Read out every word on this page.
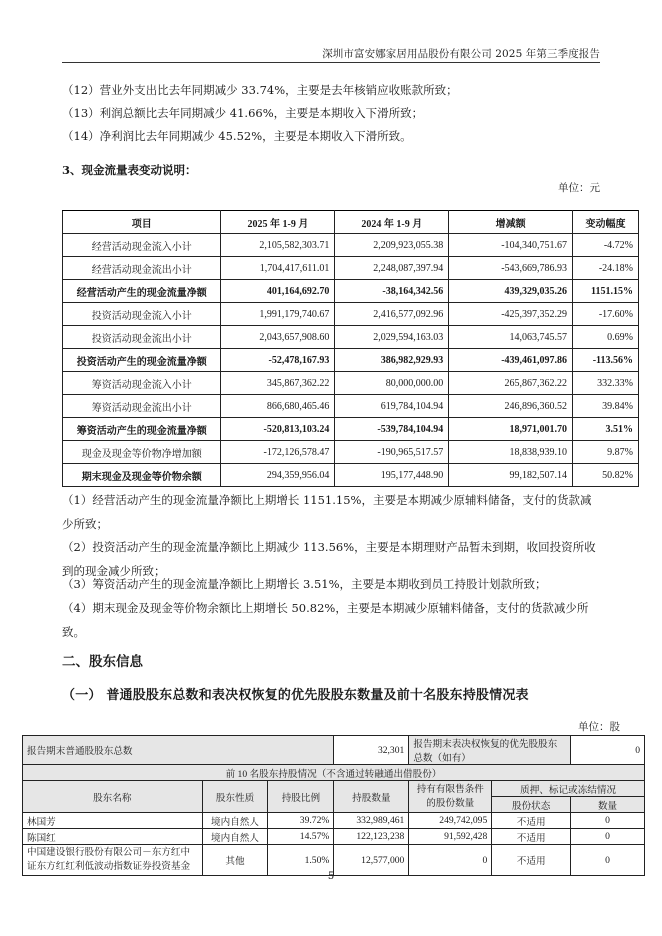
深圳市富安娜家居用品股份有限公司 2025 年第三季度报告
（12）营业外支出比去年同期减少 33.74%，主要是去年核销应收账款所致；
（13）利润总额比去年同期减少 41.66%，主要是本期收入下滑所致；
（14）净利润比去年同期减少 45.52%，主要是本期收入下滑所致。
3、现金流量表变动说明：
单位：元
项目	2025 年 1-9 月	2024 年 1-9 月	增减额	变动幅度
经营活动现金流入小计	2,105,582,303.71	2,209,923,055.38	-104,340,751.67	-4.72%
经营活动现金流出小计	1,704,417,611.01	2,248,087,397.94	-543,669,786.93	-24.18%
经营活动产生的现金流量净额	401,164,692.70	-38,164,342.56	439,329,035.26	1151.15%
投资活动现金流入小计	1,991,179,740.67	2,416,577,092.96	-425,397,352.29	-17.60%
投资活动现金流出小计	2,043,657,908.60	2,029,594,163.03	14,063,745.57	0.69%
投资活动产生的现金流量净额	-52,478,167.93	386,982,929.93	-439,461,097.86	-113.56%
筹资活动现金流入小计	345,867,362.22	80,000,000.00	265,867,362.22	332.33%
筹资活动现金流出小计	866,680,465.46	619,784,104.94	246,896,360.52	39.84%
筹资活动产生的现金流量净额	-520,813,103.24	-539,784,104.94	18,971,001.70	3.51%
现金及现金等价物净增加额	-172,126,578.47	-190,965,517.57	18,838,939.10	9.87%
期末现金及现金等价物余额	294,359,956.04	195,177,448.90	99,182,507.14	50.82%
（1）经营活动产生的现金流量净额比上期增长 1151.15%，主要是本期减少原辅料储备，支付的货款减少所致；
（2）投资活动产生的现金流量净额比上期减少 113.56%，主要是本期理财产品暂未到期，收回投资所收到的现金减少所致；
（3）筹资活动产生的现金流量净额比上期增长 3.51%，主要是本期收到员工持股计划款所致；
（4）期末现金及现金等价物余额比上期增长 50.82%，主要是本期减少原辅料储备，支付的货款减少所致。
二、股东信息
（一） 普通股股东总数和表决权恢复的优先股股东数量及前十名股东持股情况表
单位：股
报告期末普通股股东总数			32,301	报告期末表决权恢复的优先股股东总数（如有）		0
前 10 名股东持股情况（不含通过转融通出借股份）						
股东名称	股东性质	持股比例	持股数量	持有有限售条件的股份数量	质押、标记或冻结情况	
					股份状态	数量
林国芳	境内自然人	39.72%	332,989,461	249,742,095	不适用	0
陈国红	境内自然人	14.57%	122,123,238	91,592,428	不适用	0
中国建设银行股份有限公司－东方红中证东方红红利低波动指数证券投资基金	其他	1.50%	12,577,000	0	不适用	0
5
